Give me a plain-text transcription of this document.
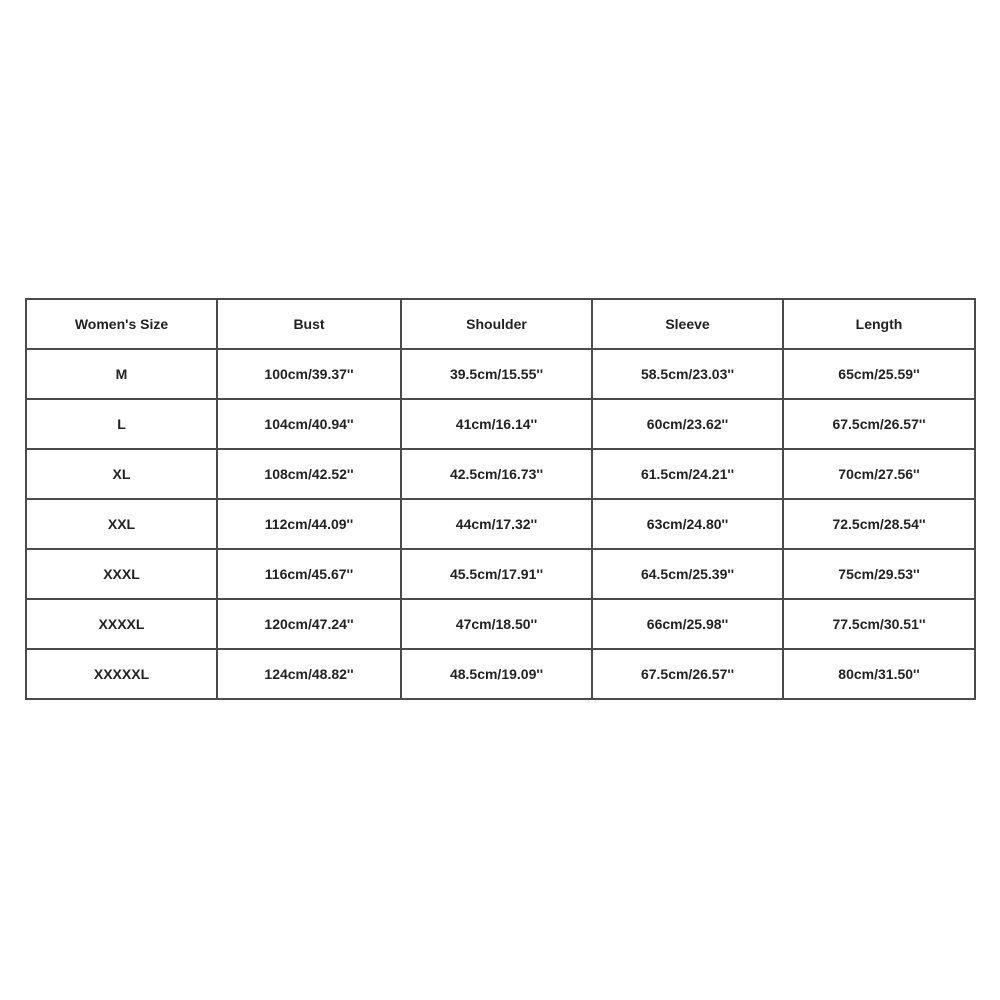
Women's Size	Bust	Shoulder	Sleeve	Length
M	100cm/39.37''	39.5cm/15.55''	58.5cm/23.03''	65cm/25.59''
L	104cm/40.94''	41cm/16.14''	60cm/23.62''	67.5cm/26.57''
XL	108cm/42.52''	42.5cm/16.73''	61.5cm/24.21''	70cm/27.56''
XXL	112cm/44.09''	44cm/17.32''	63cm/24.80''	72.5cm/28.54''
XXXL	116cm/45.67''	45.5cm/17.91''	64.5cm/25.39''	75cm/29.53''
XXXXL	120cm/47.24''	47cm/18.50''	66cm/25.98''	77.5cm/30.51''
XXXXXL	124cm/48.82''	48.5cm/19.09''	67.5cm/26.57''	80cm/31.50''
